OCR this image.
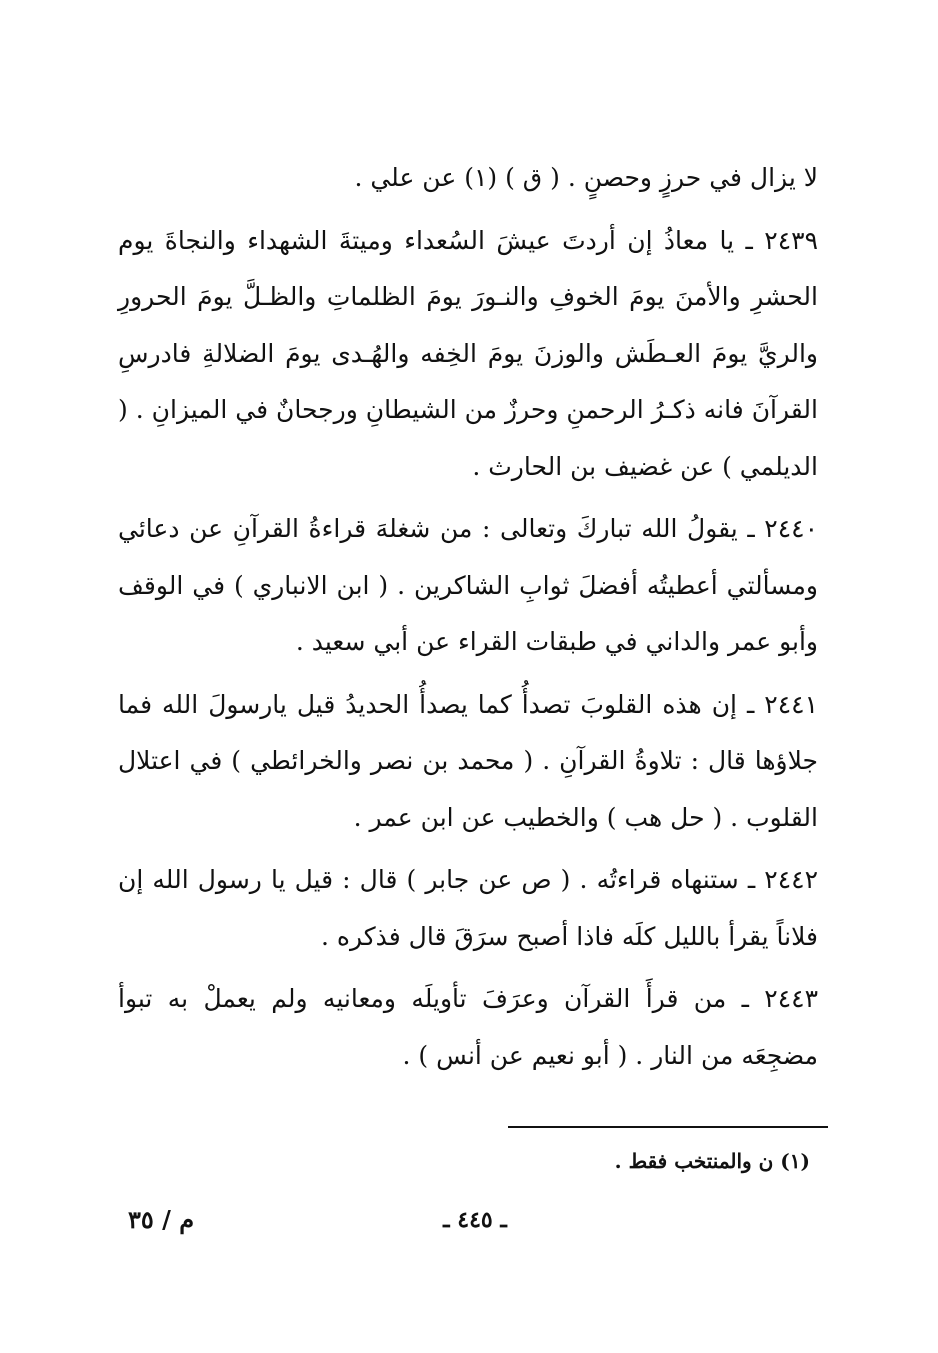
لا يزال في حرزٍ وحصنٍ . ( ق ) (١) عن علي .

٢٤٣٩ ـ يا معاذُ إن أردتَ عيشَ السُعداء وميتةَ الشهداء والنجاةَ يوم الحشرِ والأمنَ يومَ الخوفِ والنـورَ يومَ الظلماتِ والظـلَّ يومَ الحرورِ والريَّ يومَ العـطَش والوزنَ يومَ الخِفه والهُـدى يومَ الضلالةِ فادرسِ القرآنَ فانه ذكـرُ الرحمنِ وحرزٌ من الشيطانِ ورجحانٌ في الميزانِ . ( الديلمي ) عن غضيف بن الحارث .

٢٤٤٠ ـ يقولُ الله تباركَ وتعالى : من شغلهَ قراءةُ القرآنِ عن دعائي ومسألتي أعطيتُه أفضلَ ثوابِ الشاكرين . ( ابن الانباري ) في الوقف وأبو عمر والداني في طبقات القراء عن أبي سعيد .

٢٤٤١ ـ إن هذه القلوبَ تصدأُ كما يصدأُ الحديدُ قيل يارسولَ الله فما جلاؤها قال : تلاوةُ القرآنِ . ( محمد بن نصر والخرائطي ) في اعتلال القلوب . ( حل هب ) والخطيب عن ابن عمر .

٢٤٤٢ ـ ستنهاه قراءتُه . ( ص عن جابر ) قال : قيل يا رسول الله إن فلاناً يقرأ بالليل كلَه فاذا أصبح سرَقَ قال فذكره .

٢٤٤٣ ـ من قرأَ القرآن وعرَفَ تأويلَه ومعانيه ولم يعملْ به تبوأ مضجِعَه من النار . ( أبو نعيم عن أنس ) .

(١) ن والمنتخب فقط .
ـ ٤٤٥ ـ
م / ٣٥
